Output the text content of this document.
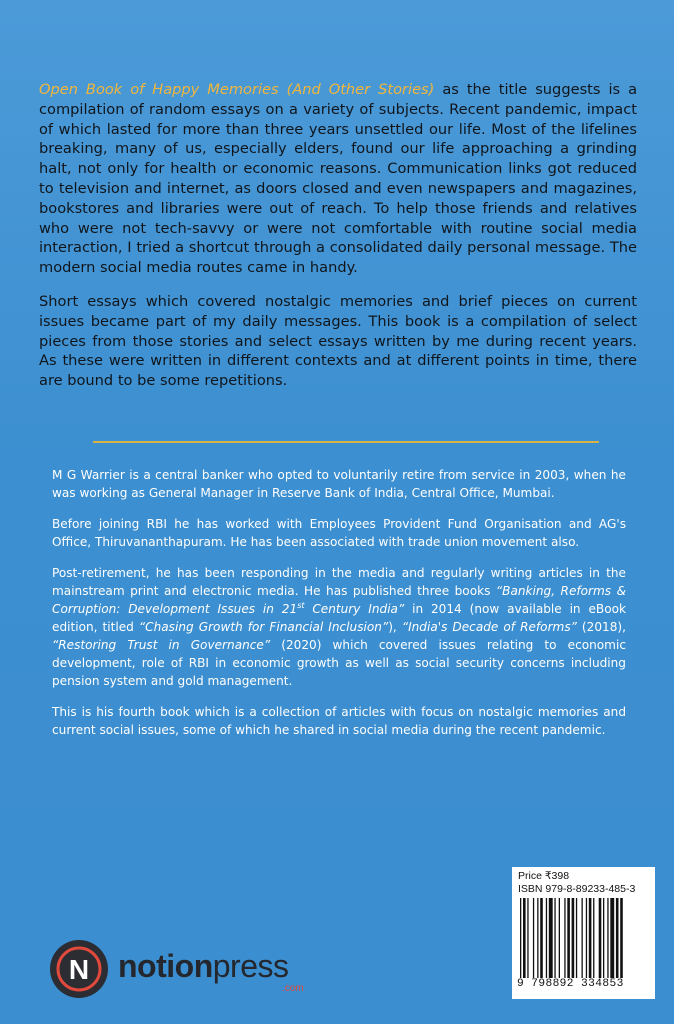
Open Book of Happy Memories (And Other Stories) as the title suggests is a compilation of random essays on a variety of subjects. Recent pandemic, impact of which lasted for more than three years unsettled our life. Most of the lifelines breaking, many of us, especially elders, found our life approaching a grinding halt, not only for health or economic reasons. Communication links got reduced to television and internet, as doors closed and even newspapers and magazines, bookstores and libraries were out of reach. To help those friends and relatives who were not tech-savvy or were not comfortable with routine social media interaction, I tried a shortcut through a consolidated daily personal message. The modern social media routes came in handy.

Short essays which covered nostalgic memories and brief pieces on current issues became part of my daily messages. This book is a compilation of select pieces from those stories and select essays written by me during recent years. As these were written in different contexts and at different points in time, there are bound to be some repetitions.

M G Warrier is a central banker who opted to voluntarily retire from service in 2003, when he was working as General Manager in Reserve Bank of India, Central Office, Mumbai.

Before joining RBI he has worked with Employees Provident Fund Organisation and AG's Office, Thiruvananthapuram. He has been associated with trade union movement also.

Post-retirement, he has been responding in the media and regularly writing articles in the mainstream print and electronic media. He has published three books “Banking, Reforms & Corruption: Development Issues in 21st Century India” in 2014 (now available in eBook edition, titled “Chasing Growth for Financial Inclusion”), “India's Decade of Reforms” (2018), “Restoring Trust in Governance” (2020) which covered issues relating to economic development, role of RBI in economic growth as well as social security concerns including pension system and gold management.

This is his fourth book which is a collection of articles with focus on nostalgic memories and current social issues, some of which he shared in social media during the recent pandemic.

Price ₹398
ISBN 979-8-89233-485-3
9 798892 334853
N notionpress
.com
